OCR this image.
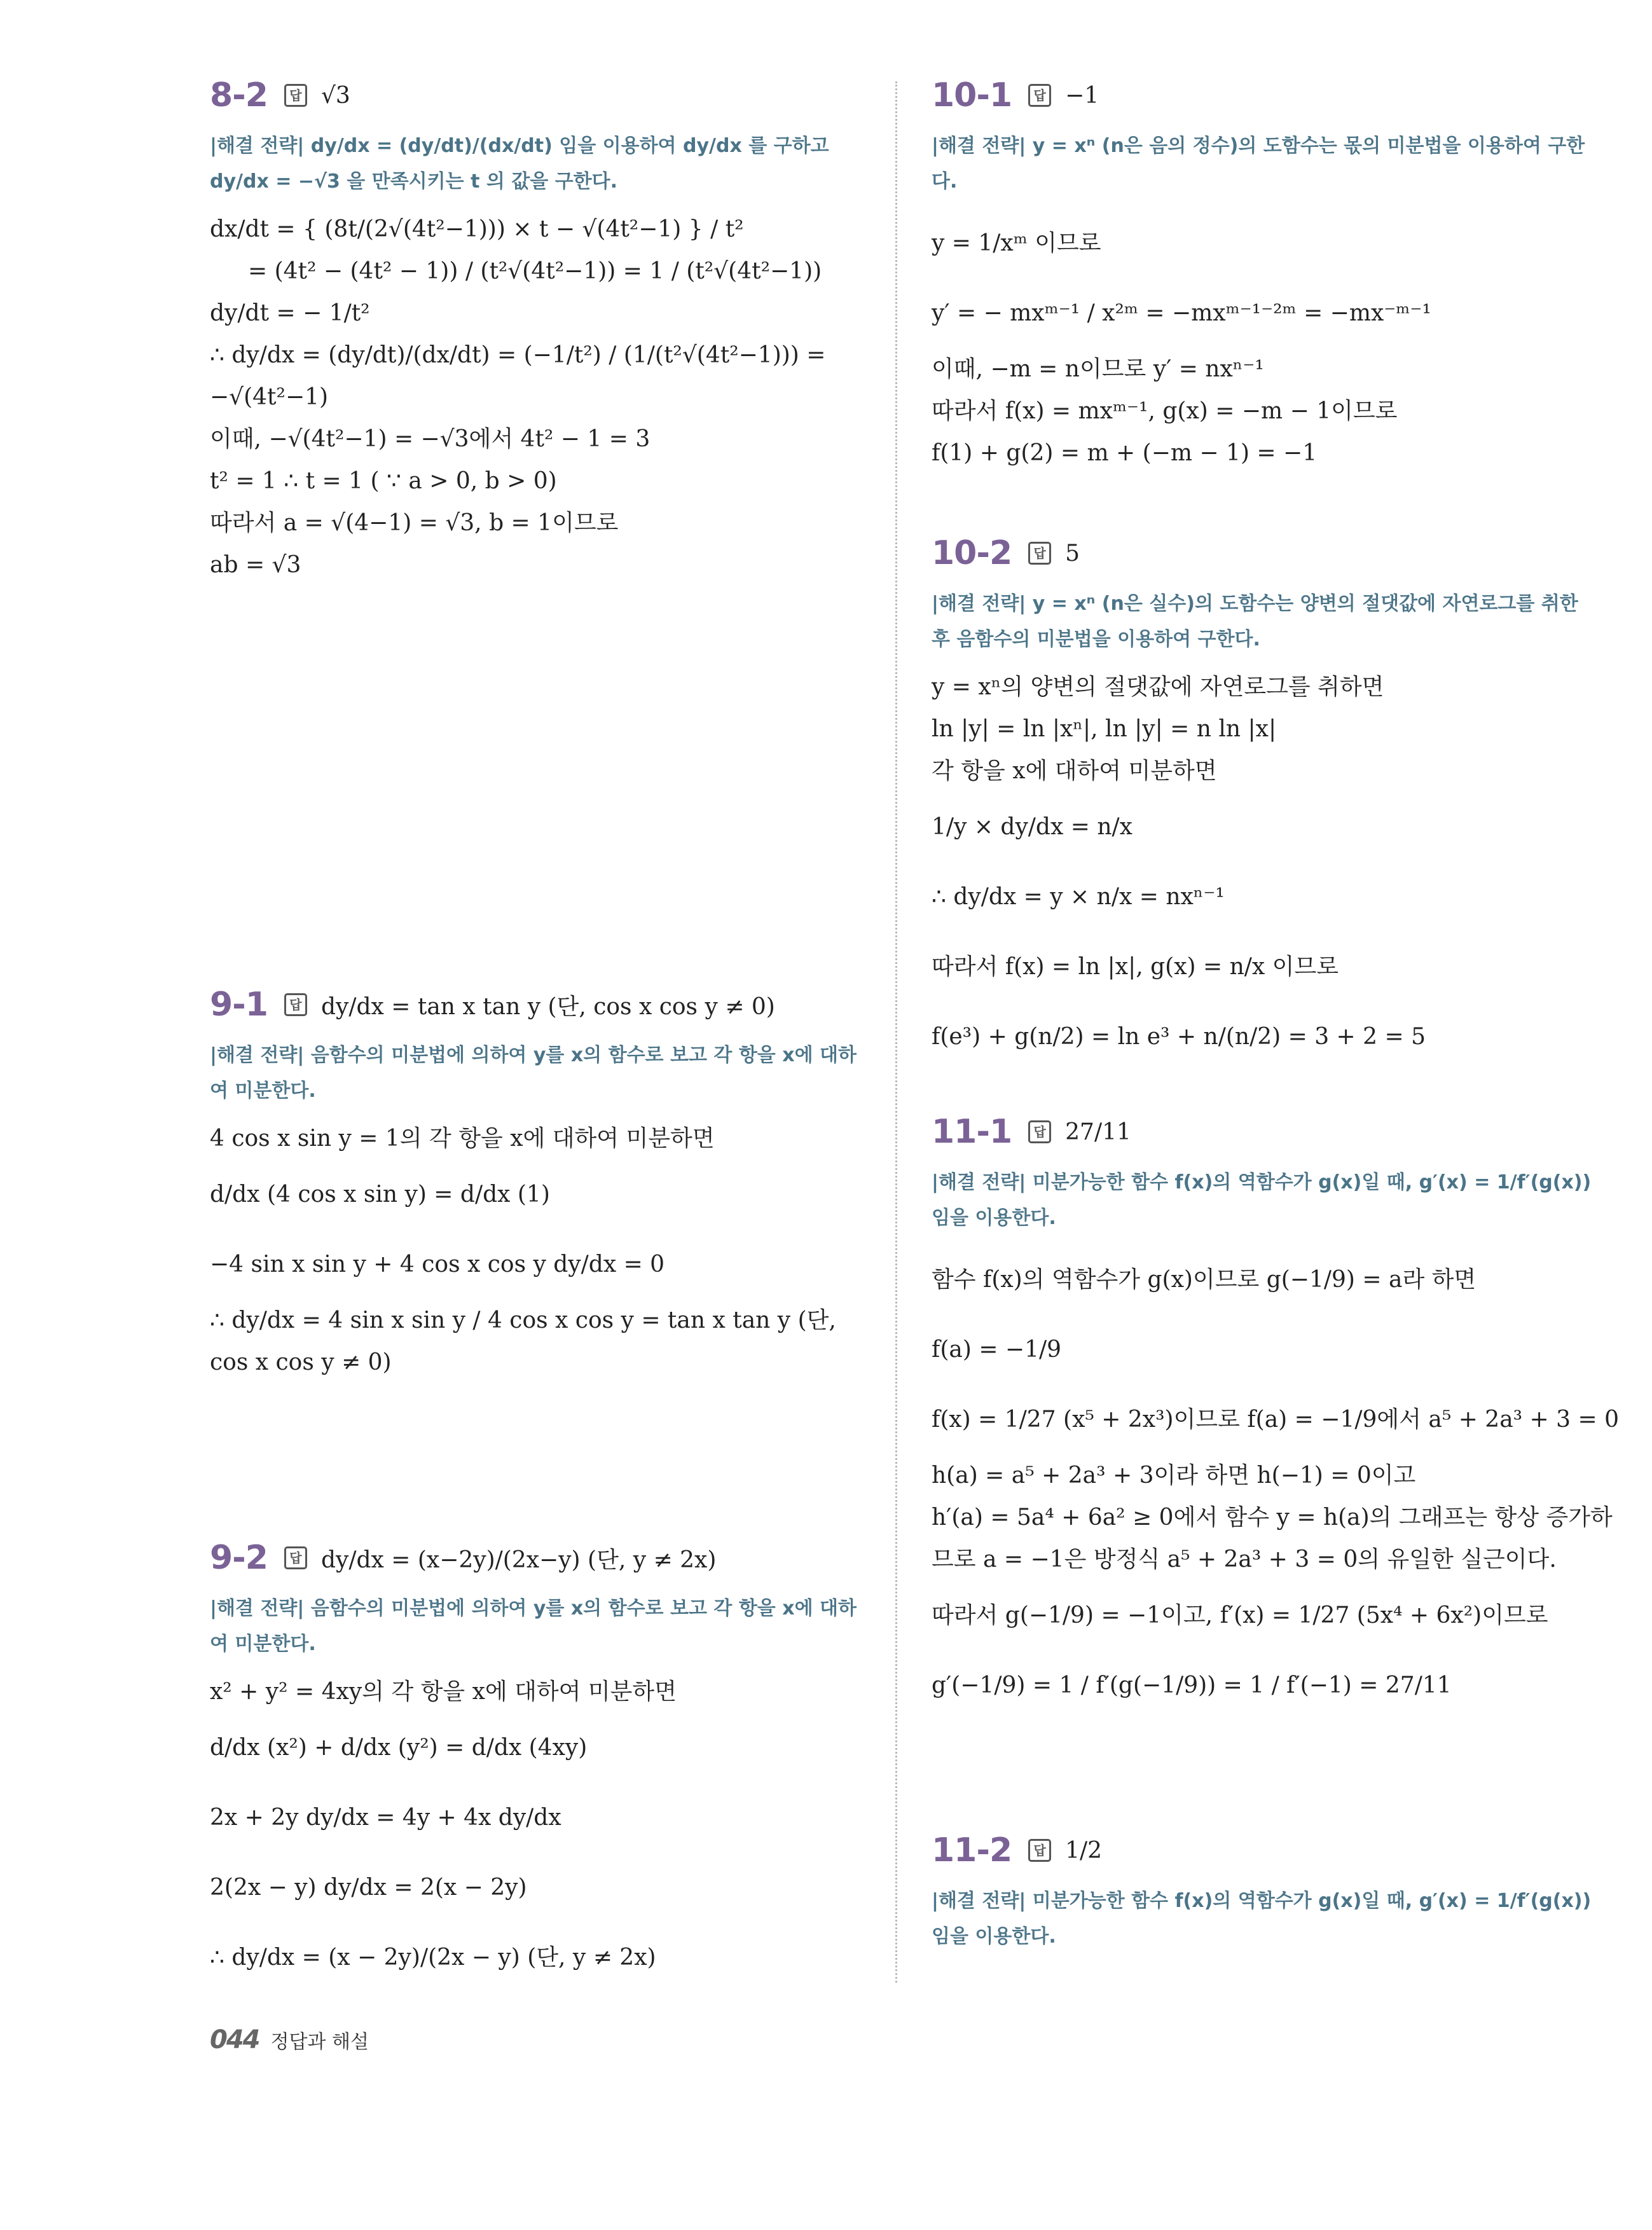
8-2	답 √3
|해결 전략| dy/dx = (dy/dt)/(dx/dt) 임을 이용하여 dy/dx 를 구하고 dy/dx = −√3 을 만족시키는 t 의 값을 구한다.
dx/dt = { (8t/(2√(4t²−1))) × t − √(4t²−1) } / t²
= (4t² − (4t² − 1)) / (t²√(4t²−1)) = 1 / (t²√(4t²−1))
dy/dt = − 1/t²
∴ dy/dx = (dy/dt)/(dx/dt) = (−1/t²) / (1/(t²√(4t²−1))) = −√(4t²−1)
이때, −√(4t²−1) = −√3에서 4t² − 1 = 3
t² = 1 ∴ t = 1 ( ∵ a > 0, b > 0)
따라서 a = √(4−1) = √3, b = 1이므로
ab = √3
9-1	답 dy/dx = tan x tan y (단, cos x cos y ≠ 0)
|해결 전략| 음함수의 미분법에 의하여 y를 x의 함수로 보고 각 항을 x에 대하여 미분한다.
4 cos x sin y = 1의 각 항을 x에 대하여 미분하면
d/dx (4 cos x sin y) = d/dx (1)
−4 sin x sin y + 4 cos x cos y dy/dx = 0
∴ dy/dx = 4 sin x sin y / 4 cos x cos y = tan x tan y (단, cos x cos y ≠ 0)
9-2	답 dy/dx = (x−2y)/(2x−y) (단, y ≠ 2x)
|해결 전략| 음함수의 미분법에 의하여 y를 x의 함수로 보고 각 항을 x에 대하여 미분한다.
x² + y² = 4xy의 각 항을 x에 대하여 미분하면
d/dx (x²) + d/dx (y²) = d/dx (4xy)
2x + 2y dy/dx = 4y + 4x dy/dx
2(2x − y) dy/dx = 2(x − 2y)
∴ dy/dx = (x − 2y)/(2x − y) (단, y ≠ 2x)
10-1	답 −1
|해결 전략| y = xⁿ (n은 음의 정수)의 도함수는 몫의 미분법을 이용하여 구한다.
y = 1/xᵐ 이므로
y′ = − mxᵐ⁻¹ / x²ᵐ = −mxᵐ⁻¹⁻²ᵐ = −mx⁻ᵐ⁻¹
이때, −m = n이므로 y′ = nxⁿ⁻¹
따라서 f(x) = mxᵐ⁻¹, g(x) = −m − 1이므로
f(1) + g(2) = m + (−m − 1) = −1
10-2	답 5
|해결 전략| y = xⁿ (n은 실수)의 도함수는 양변의 절댓값에 자연로그를 취한 후 음함수의 미분법을 이용하여 구한다.
y = xⁿ의 양변의 절댓값에 자연로그를 취하면
ln |y| = ln |xⁿ|, ln |y| = n ln |x|
각 항을 x에 대하여 미분하면
1/y × dy/dx = n/x
∴ dy/dx = y × n/x = nxⁿ⁻¹
따라서 f(x) = ln |x|, g(x) = n/x 이므로
f(e³) + g(n/2) = ln e³ + n/(n/2) = 3 + 2 = 5
11-1	답 27/11
|해결 전략| 미분가능한 함수 f(x)의 역함수가 g(x)일 때, g′(x) = 1/f′(g(x)) 임을 이용한다.
함수 f(x)의 역함수가 g(x)이므로 g(−1/9) = a라 하면
f(a) = −1/9
f(x) = 1/27 (x⁵ + 2x³)이므로 f(a) = −1/9에서 a⁵ + 2a³ + 3 = 0
h(a) = a⁵ + 2a³ + 3이라 하면 h(−1) = 0이고
h′(a) = 5a⁴ + 6a² ≥ 0에서 함수 y = h(a)의 그래프는 항상 증가하
므로 a = −1은 방정식 a⁵ + 2a³ + 3 = 0의 유일한 실근이다.
따라서 g(−1/9) = −1이고, f′(x) = 1/27 (5x⁴ + 6x²)이므로
g′(−1/9) = 1 / f′(g(−1/9)) = 1 / f′(−1) = 27/11
11-2	답 1/2
|해결 전략| 미분가능한 함수 f(x)의 역함수가 g(x)일 때, g′(x) = 1/f′(g(x)) 임을 이용한다.
044 정답과 해설
